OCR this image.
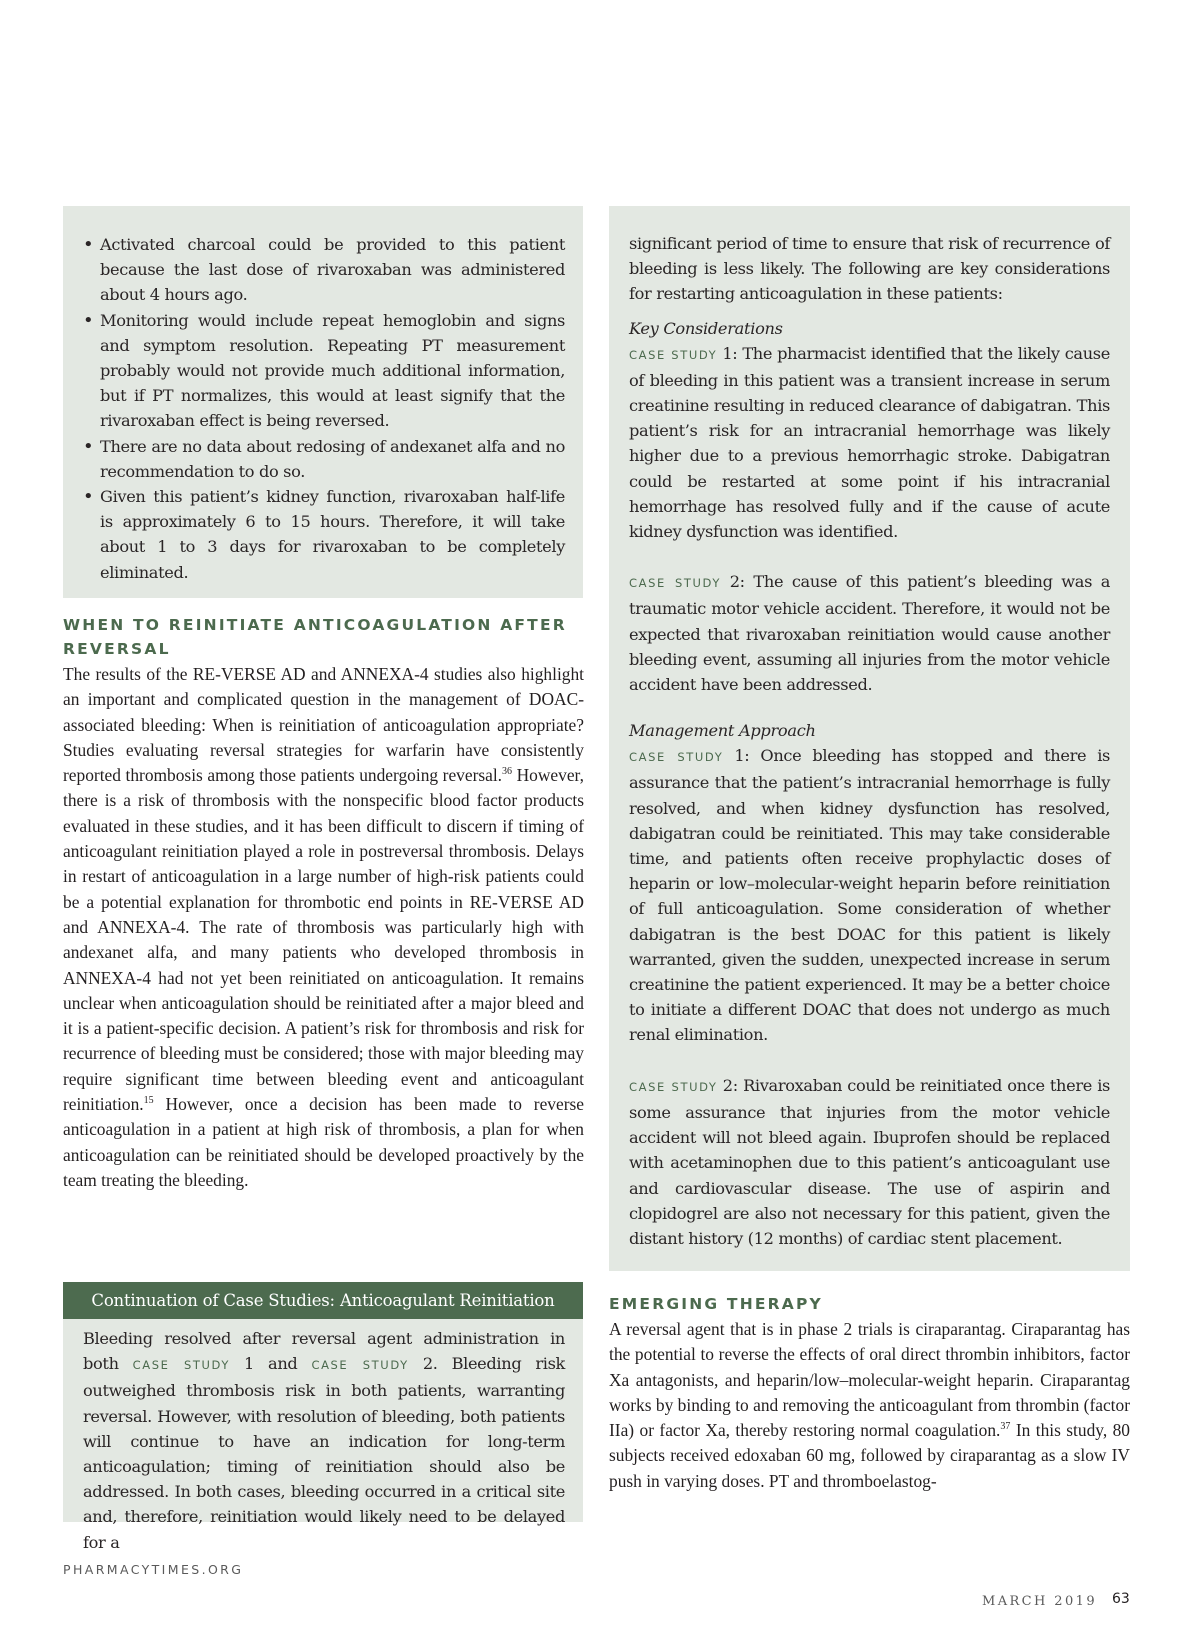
• Activated charcoal could be provided to this patient because the last dose of rivaroxaban was administered about 4 hours ago.
• Monitoring would include repeat hemoglobin and signs and symptom resolution. Repeating PT measurement probably would not provide much additional information, but if PT normalizes, this would at least signify that the rivaroxaban effect is being reversed.
• There are no data about redosing of andexanet alfa and no recommendation to do so.
• Given this patient’s kidney function, rivaroxaban half-life is approximately 6 to 15 hours. Therefore, it will take about 1 to 3 days for rivaroxaban to be completely eliminated.
WHEN TO REINITIATE ANTICOAGULATION AFTER REVERSAL
The results of the RE-VERSE AD and ANNEXA-4 studies also highlight an important and complicated question in the management of DOAC-associated bleeding: When is reinitiation of anticoagulation appropriate? Studies evaluating reversal strategies for warfarin have consistently reported thrombosis among those patients undergoing reversal.$^{36}$ However, there is a risk of thrombosis with the nonspecific blood factor products evaluated in these studies, and it has been difficult to discern if timing of anticoagulant reinitiation played a role in postreversal thrombosis. Delays in restart of anticoagulation in a large number of high-risk patients could be a potential explanation for thrombotic end points in RE-VERSE AD and ANNEXA-4. The rate of thrombosis was particularly high with andexanet alfa, and many patients who developed thrombosis in ANNEXA-4 had not yet been reinitiated on anticoagulation. It remains unclear when anticoagulation should be reinitiated after a major bleed and it is a patient-specific decision. A patient’s risk for thrombosis and risk for recurrence of bleeding must be considered; those with major bleeding may require significant time between bleeding event and anticoagulant reinitiation.$^{15}$ However, once a decision has been made to reverse anticoagulation in a patient at high risk of thrombosis, a plan for when anticoagulation can be reinitiated should be developed proactively by the team treating the bleeding.
Continuation of Case Studies: Anticoagulant Reinitiation

Bleeding resolved after reversal agent administration in both CASE STUDY 1 and CASE STUDY 2. Bleeding risk outweighed thrombosis risk in both patients, warranting reversal. However, with resolution of bleeding, both patients will continue to have an indication for long-term anticoagulation; timing of reinitiation should also be addressed. In both cases, bleeding occurred in a critical site and, therefore, reinitiation would likely need to be delayed for a

significant period of time to ensure that risk of recurrence of bleeding is less likely. The following are key considerations for restarting anticoagulation in these patients:

Key Considerations

CASE STUDY 1: The pharmacist identified that the likely cause of bleeding in this patient was a transient increase in serum creatinine resulting in reduced clearance of dabigatran. This patient’s risk for an intracranial hemorrhage was likely higher due to a previous hemorrhagic stroke. Dabigatran could be restarted at some point if his intracranial hemorrhage has resolved fully and if the cause of acute kidney dysfunction was identified.

CASE STUDY 2: The cause of this patient’s bleeding was a traumatic motor vehicle accident. Therefore, it would not be expected that rivaroxaban reinitiation would cause another bleeding event, assuming all injuries from the motor vehicle accident have been addressed.

Management Approach

CASE STUDY 1: Once bleeding has stopped and there is assurance that the patient’s intracranial hemorrhage is fully resolved, and when kidney dysfunction has resolved, dabigatran could be reinitiated. This may take considerable time, and patients often receive prophylactic doses of heparin or low–molecular-weight heparin before reinitiation of full anticoagulation. Some consideration of whether dabigatran is the best DOAC for this patient is likely warranted, given the sudden, unexpected increase in serum creatinine the patient experienced. It may be a better choice to initiate a different DOAC that does not undergo as much renal elimination.

CASE STUDY 2: Rivaroxaban could be reinitiated once there is some assurance that injuries from the motor vehicle accident will not bleed again. Ibuprofen should be replaced with acetaminophen due to this patient’s anticoagulant use and cardiovascular disease. The use of aspirin and clopidogrel are also not necessary for this patient, given the distant history (12 months) of cardiac stent placement.

EMERGING THERAPY
A reversal agent that is in phase 2 trials is ciraparantag. Ciraparantag has the potential to reverse the effects of oral direct thrombin inhibitors, factor Xa antagonists, and heparin/low–molecular-weight heparin. Ciraparantag works by binding to and removing the anticoagulant from thrombin (factor IIa) or factor Xa, thereby restoring normal coagulation.$^{37}$ In this study, 80 subjects received edoxaban 60 mg, followed by ciraparantag as a slow IV push in varying doses. PT and thromboelastog-
PHARMACYTIMES.ORG
MARCH 2019 63
